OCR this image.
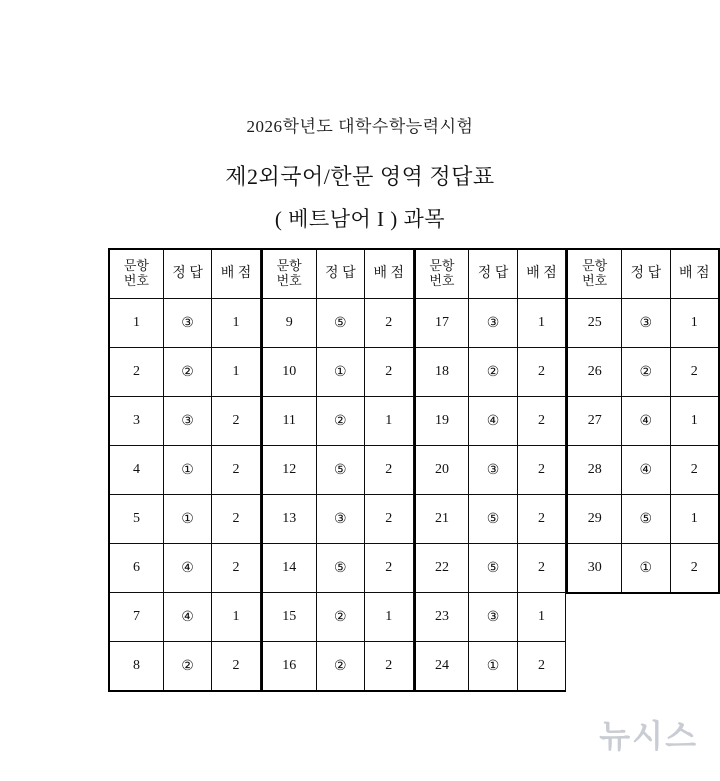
2026학년도 대학수학능력시험
제2외국어/한문 영역 정답표
( 베트남어 I ) 과목
문항
번호	정 답	배 점
1	③	1
2	②	1
3	③	2
4	①	2
5	①	2
6	④	2
7	④	1
8	②	2
문항
번호	정 답	배 점
9	⑤	2
10	①	2
11	②	1
12	⑤	2
13	③	2
14	⑤	2
15	②	1
16	②	2
문항
번호	정 답	배 점
17	③	1
18	②	2
19	④	2
20	③	2
21	⑤	2
22	⑤	2
23	③	1
24	①	2
문항
번호	정 답	배 점
25	③	1
26	②	2
27	④	1
28	④	2
29	⑤	1
30	①	2
뉴시스
